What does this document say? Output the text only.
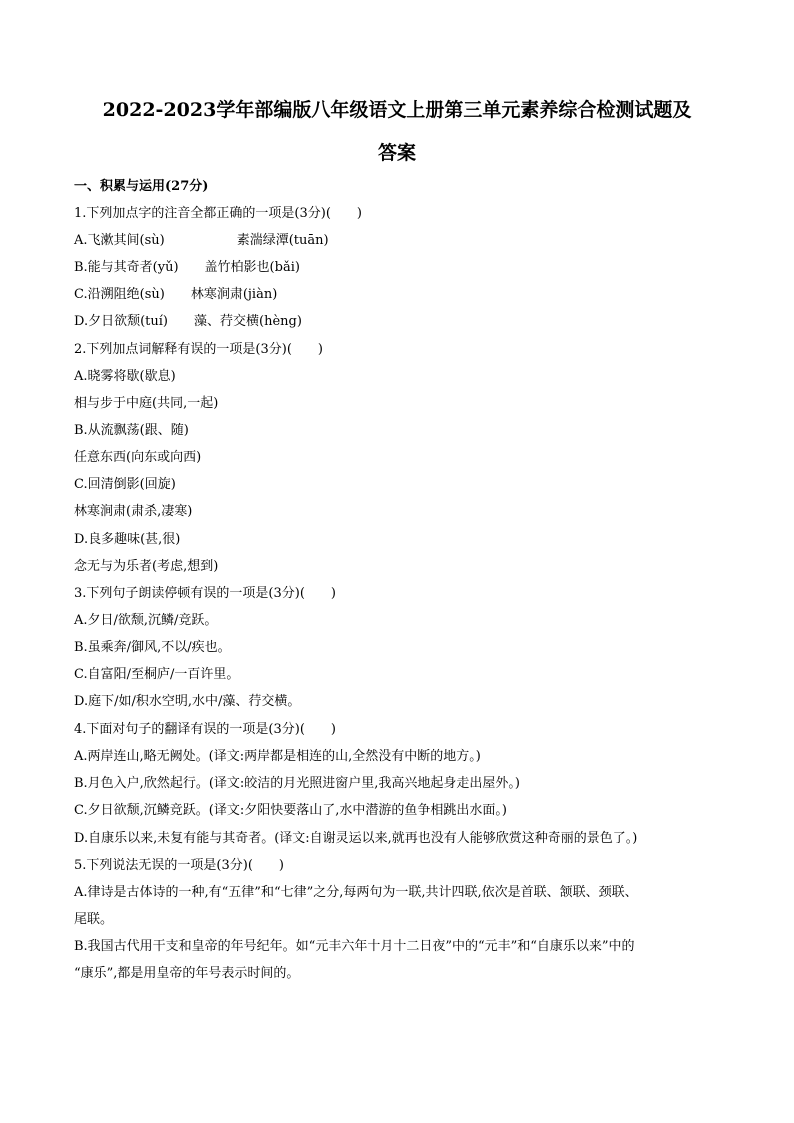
2022-2023学年部编版八年级语文上册第三单元素养综合检测试题及
答案
一、积累与运用(27分)
1.下列加点字的注音全都正确的一项是(3分)(　　)
A.飞漱其间(sù)	素湍绿潭(tuān)
B.能与其奇者(yǔ) 盖竹柏影也(bǎi)
C.沿溯阻绝(sù) 林寒涧肃(jiàn)
D.夕日欲颓(tuí) 藻、荇交横(hèng)
2.下列加点词解释有误的一项是(3分)(　　)
A.晓雾将歇(歇息)
相与步于中庭(共同,一起)
B.从流飘荡(跟、随)
任意东西(向东或向西)
C.回清倒影(回旋)
林寒涧肃(肃杀,凄寒)
D.良多趣味(甚,很)
念无与为乐者(考虑,想到)
3.下列句子朗读停顿有误的一项是(3分)(　　)
A.夕日/欲颓,沉鳞/竞跃。
B.虽乘奔/御风,不以/疾也。
C.自富阳/至桐庐/一百许里。
D.庭下/如/积水空明,水中/藻、荇交横。
4.下面对句子的翻译有误的一项是(3分)(　　)
A.两岸连山,略无阙处。(译文:两岸都是相连的山,全然没有中断的地方。)
B.月色入户,欣然起行。(译文:皎洁的月光照进窗户里,我高兴地起身走出屋外。)
C.夕日欲颓,沉鳞竞跃。(译文:夕阳快要落山了,水中潜游的鱼争相跳出水面。)
D.自康乐以来,未复有能与其奇者。(译文:自谢灵运以来,就再也没有人能够欣赏这种奇丽的景色了。)
5.下列说法无误的一项是(3分)(　　)
A.律诗是古体诗的一种,有“五律”和“七律”之分,每两句为一联,共计四联,依次是首联、颔联、颈联、
尾联。
B.我国古代用干支和皇帝的年号纪年。如“元丰六年十月十二日夜”中的“元丰”和“自康乐以来”中的
“康乐”,都是用皇帝的年号表示时间的。
